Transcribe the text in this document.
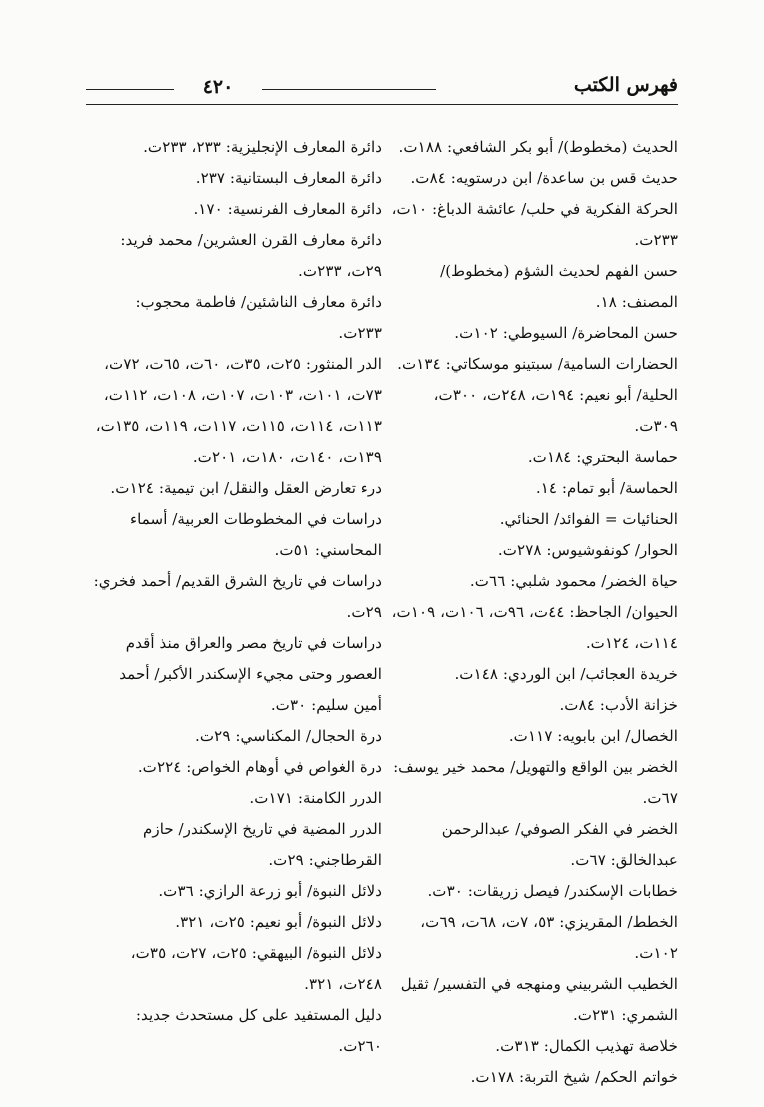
فهرس الكتب
٤٢٠

الحديث (مخطوط)/ أبو بكر الشافعي: ١٨٨ت.

حديث قس بن ساعدة/ ابن درستويه: ٨٤ت.

الحركة الفكرية في حلب/ عائشة الدباغ: ١٠ت، ٢٣٣ت.

حسن الفهم لحديث الشؤم (مخطوط)/ المصنف: ١٨.

حسن المحاضرة/ السيوطي: ١٠٢ت.

الحضارات السامية/ سبتينو موسكاتي: ١٣٤ت.

الحلية/ أبو نعيم: ١٩٤ت، ٢٤٨ت، ٣٠٠ت، ٣٠٩ت.

حماسة البحتري: ١٨٤ت.

الحماسة/ أبو تمام: ١٤.

الحنائيات = الفوائد/ الحنائي.

الحوار/ كونفوشيوس: ٢٧٨ت.

حياة الخضر/ محمود شلبي: ٦٦ت.

الحيوان/ الجاحظ: ٤٤ت، ٩٦ت، ١٠٦ت، ١٠٩ت، ١١٤ت، ١٢٤ت.

خريدة العجائب/ ابن الوردي: ١٤٨ت.

خزانة الأدب: ٨٤ت.

الخصال/ ابن بابويه: ١١٧ت.

الخضر بين الواقع والتهويل/ محمد خير يوسف: ٦٧ت.

الخضر في الفكر الصوفي/ عبدالرحمن عبدالخالق: ٦٧ت.

خطابات الإسكندر/ فيصل زريقات: ٣٠ت.

الخطط/ المقريزي: ٥٣، ٧ت، ٦٨ت، ٦٩ت، ١٠٢ت.

الخطيب الشربيني ومنهجه في التفسير/ ثقيل الشمري: ٢٣١ت.

خلاصة تهذيب الكمال: ٣١٣ت.

خواتم الحكم/ شيخ التربة: ١٧٨ت.

دائرة المعارف الإنجليزية: ٢٣٣، ٢٣٣ت.

دائرة المعارف البستانية: ٢٣٧.

دائرة المعارف الفرنسية: ١٧٠.

دائرة معارف القرن العشرين/ محمد فريد: ٢٩ت، ٢٣٣ت.

دائرة معارف الناشئين/ فاطمة محجوب: ٢٣٣ت.

الدر المنثور: ٢٥ت، ٣٥ت، ٦٠ت، ٦٥ت، ٧٢ت، ٧٣ت، ١٠١ت، ١٠٣ت، ١٠٧ت، ١٠٨ت، ١١٢ت، ١١٣ت، ١١٤ت، ١١٥ت، ١١٧ت، ١١٩ت، ١٣٥ت، ١٣٩ت، ١٤٠ت، ١٨٠ت، ٢٠١ت.

درء تعارض العقل والنقل/ ابن تيمية: ١٢٤ت.

دراسات في المخطوطات العربية/ أسماء المحاسني: ٥١ت.

دراسات في تاريخ الشرق القديم/ أحمد فخري: ٢٩ت.

دراسات في تاريخ مصر والعراق منذ أقدم العصور وحتى مجيء الإسكندر الأكبر/ أحمد أمين سليم: ٣٠ت.

درة الحجال/ المكناسي: ٢٩ت.

درة الغواص في أوهام الخواص: ٢٢٤ت.

الدرر الكامنة: ١٧١ت.

الدرر المضية في تاريخ الإسكندر/ حازم القرطاجني: ٢٩ت.

دلائل النبوة/ أبو زرعة الرازي: ٣٦ت.

دلائل النبوة/ أبو نعيم: ٢٥ت، ٣٢١.

دلائل النبوة/ البيهقي: ٢٥ت، ٢٧ت، ٣٥ت، ٢٤٨ت، ٣٢١.

دليل المستفيد على كل مستحدث جديد: ٢٦٠ت.
